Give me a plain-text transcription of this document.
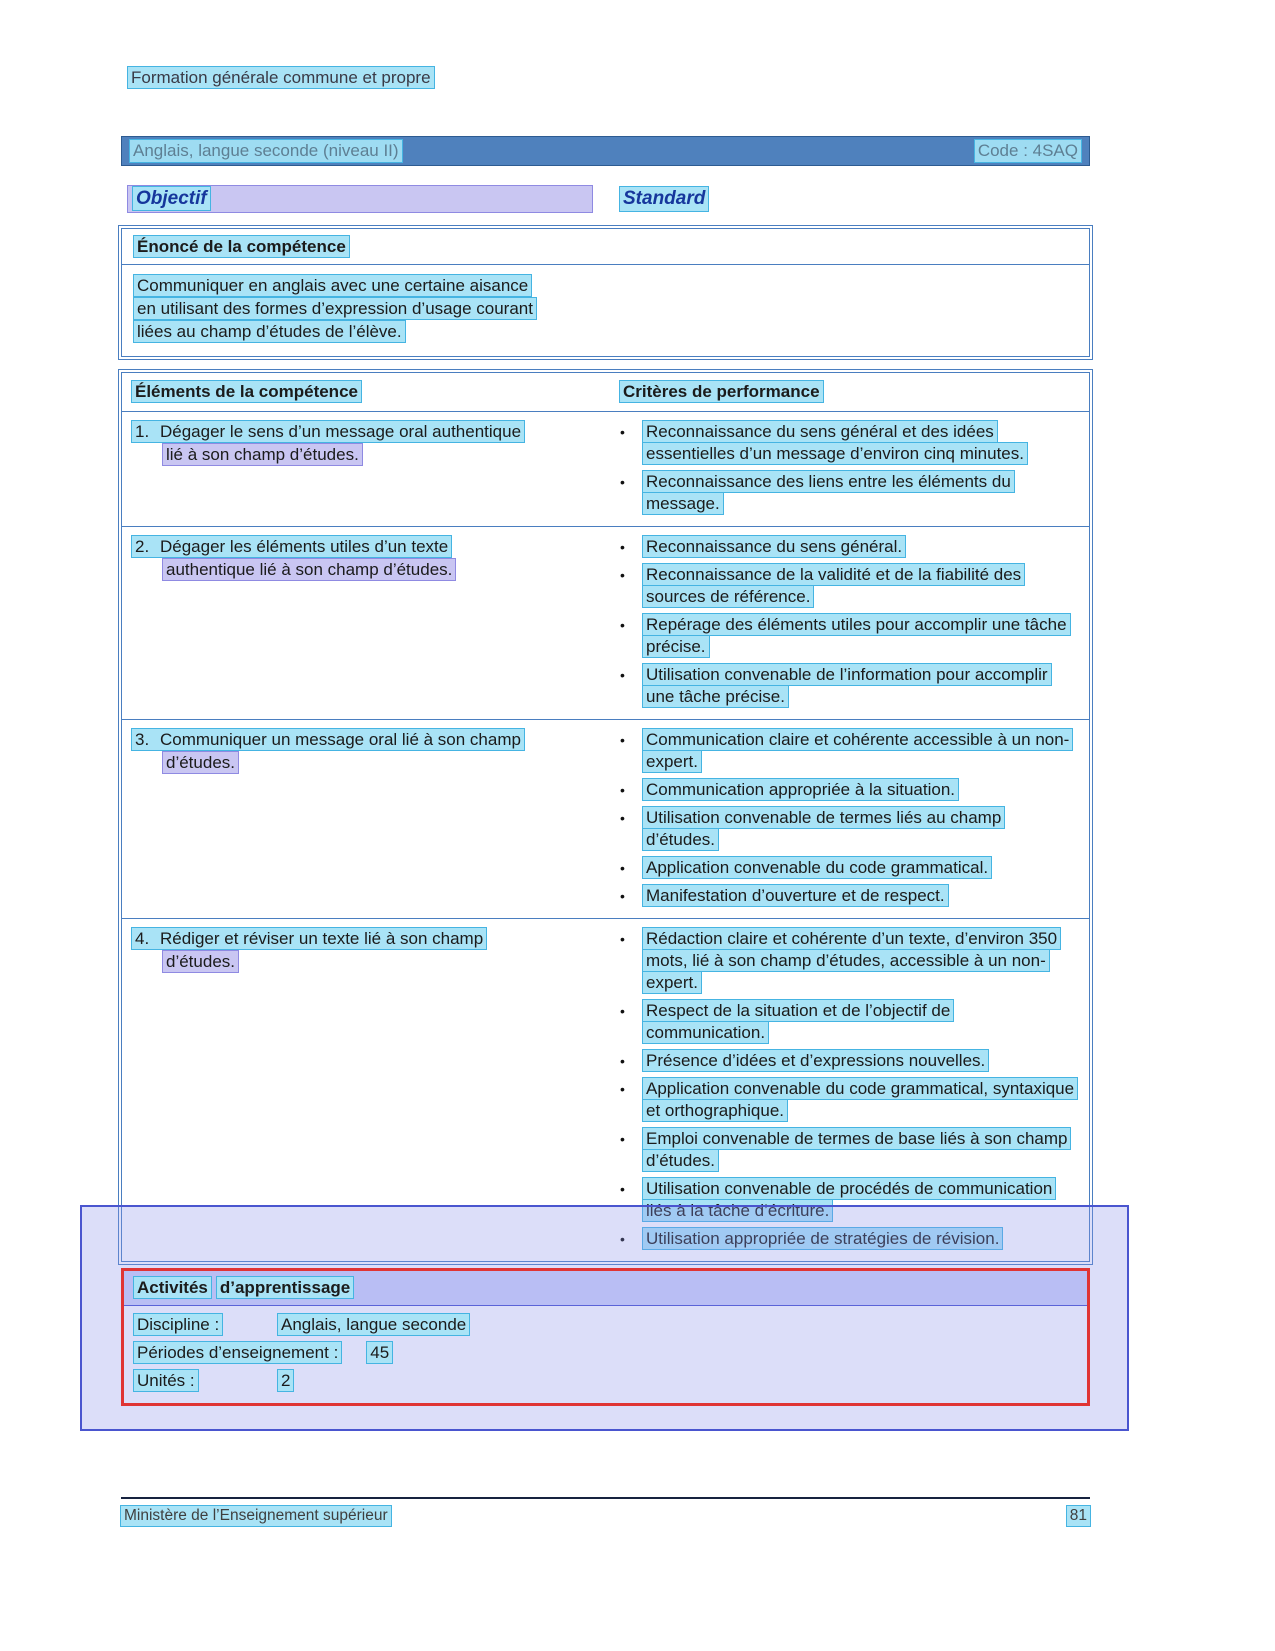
Formation générale commune et propre
Anglais, langue seconde (niveau II)	Code : 4SAQ
Objectif	Standard
Énoncé de la compétence
Communiquer en anglais avec une certaine aisance
en utilisant des formes d’expression d’usage courant
liées au champ d’études de l’élève.
Éléments de la compétence	Critères de performance
1. Dégager le sens d’un message oral authentique
lié à son champ d’études.
•	Reconnaissance du sens général et des idées essentielles d’un message d’environ cinq minutes.
•	Reconnaissance des liens entre les éléments du message.
2. Dégager les éléments utiles d’un texte
authentique lié à son champ d’études.
•	Reconnaissance du sens général.
•	Reconnaissance de la validité et de la fiabilité des sources de référence.
•	Repérage des éléments utiles pour accomplir une tâche précise.
•	Utilisation convenable de l’information pour accomplir une tâche précise.
3. Communiquer un message oral lié à son champ
d’études.
•	Communication claire et cohérente accessible à un non-expert.
•	Communication appropriée à la situation.
•	Utilisation convenable de termes liés au champ d’études.
•	Application convenable du code grammatical.
•	Manifestation d’ouverture et de respect.
4. Rédiger et réviser un texte lié à son champ
d’études.
•	Rédaction claire et cohérente d’un texte, d’environ 350 mots, lié à son champ d’études, accessible à un non-expert.
•	Respect de la situation et de l’objectif de communication.
•	Présence d’idées et d’expressions nouvelles.
•	Application convenable du code grammatical, syntaxique et orthographique.
•	Emploi convenable de termes de base liés à son champ d’études.
•	Utilisation convenable de procédés de communication liés à la tâche d’écriture.
•	Utilisation appropriée de stratégies de révision.
Activités d’apprentissage
Discipline :	Anglais, langue seconde
Périodes d’enseignement : 45
Unités :	2
Ministère de l’Enseignement supérieur	81
